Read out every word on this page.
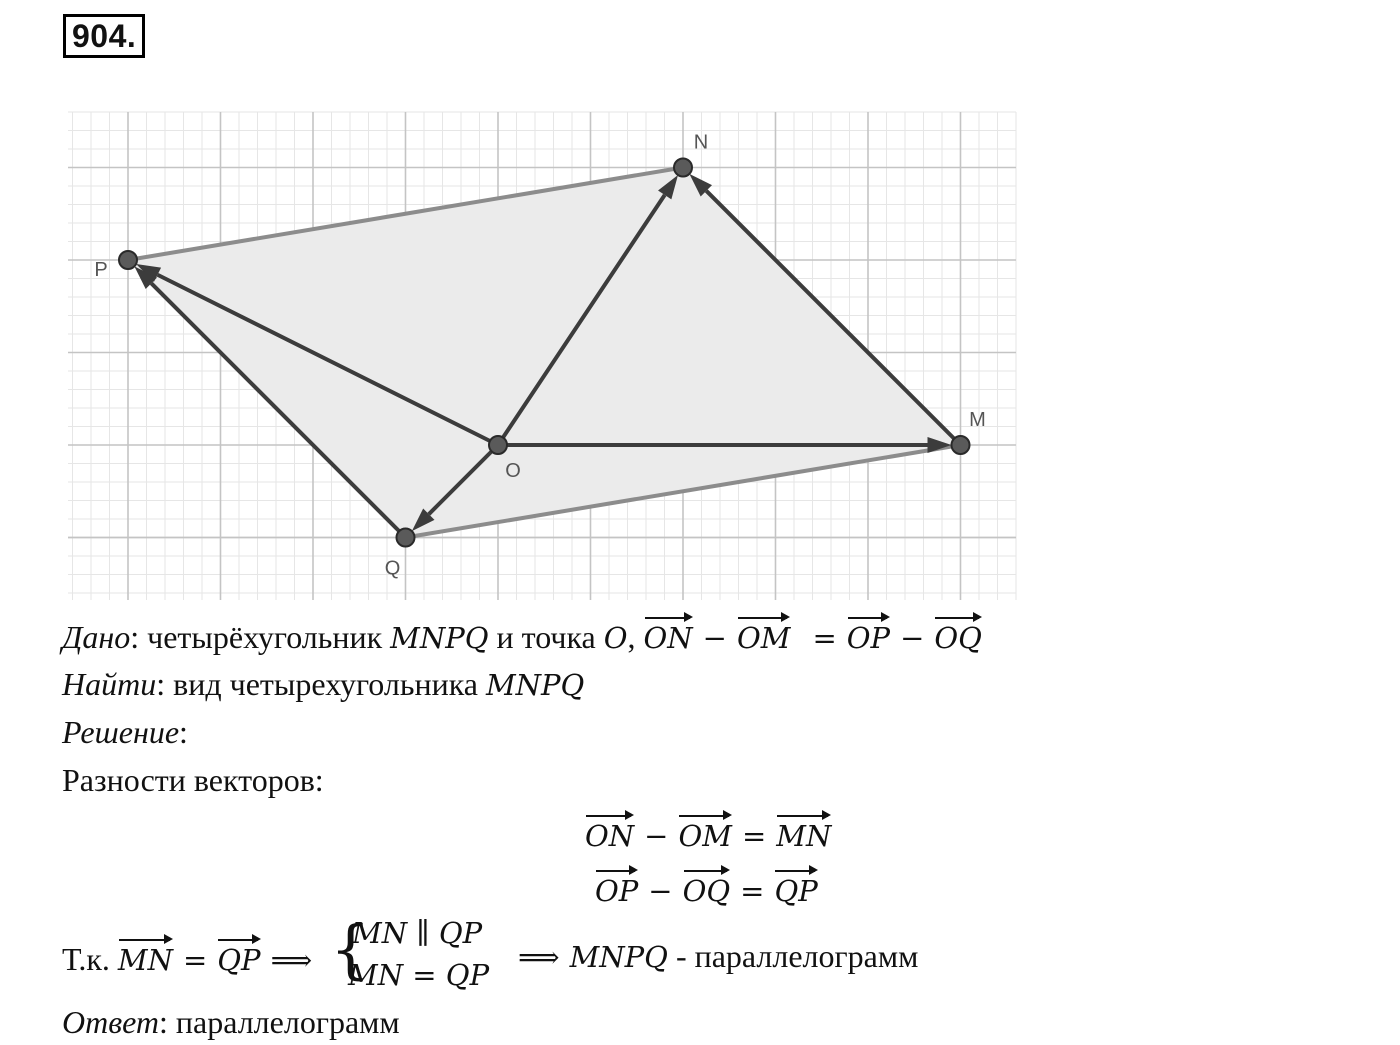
904.
N
P
M
O
Q
Дано: четырёхугольник MNPQ и точка O, ON − OM = OP − OQ
Найти: вид четырехугольника MNPQ
Решение:
Разности векторов:
ON − OM = MN
OP − OQ = QP
Т.к. MN = QP ⟹ {
MN ∥ QP
MN = QP
⟹ MNPQ - параллелограмм
Ответ: параллелограмм
